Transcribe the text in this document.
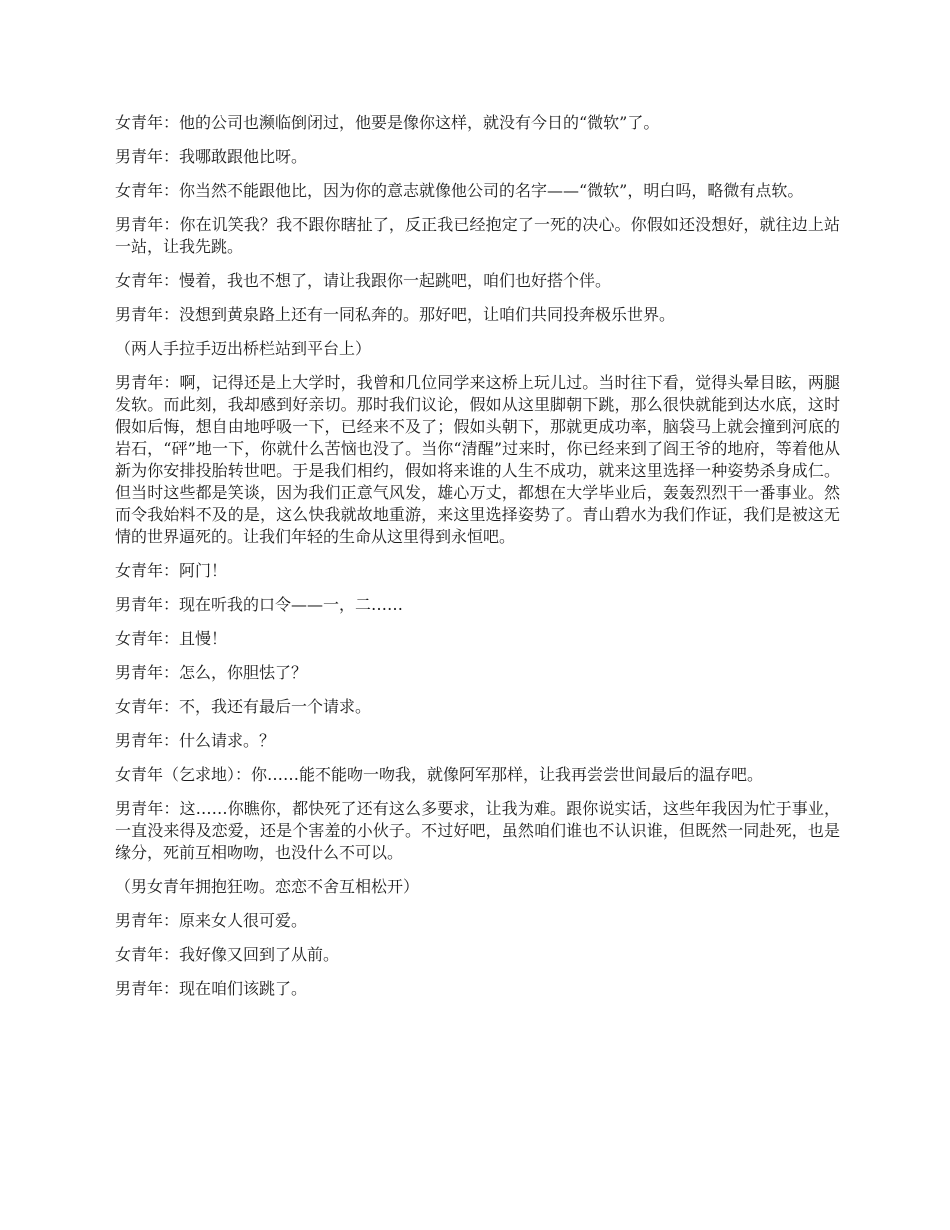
女青年：他的公司也濒临倒闭过，他要是像你这样，就没有今日的“微软”了。

男青年：我哪敢跟他比呀。

女青年：你当然不能跟他比，因为你的意志就像他公司的名字——“微软”，明白吗，略微有点软。

男青年：你在讥笑我？我不跟你瞎扯了，反正我已经抱定了一死的决心。你假如还没想好，就往边上站一站，让我先跳。

女青年：慢着，我也不想了，请让我跟你一起跳吧，咱们也好搭个伴。

男青年：没想到黄泉路上还有一同私奔的。那好吧，让咱们共同投奔极乐世界。

（两人手拉手迈出桥栏站到平台上）

男青年：啊，记得还是上大学时，我曾和几位同学来这桥上玩儿过。当时往下看，觉得头晕目眩，两腿发软。而此刻，我却感到好亲切。那时我们议论，假如从这里脚朝下跳，那么很快就能到达水底，这时假如后悔，想自由地呼吸一下，已经来不及了；假如头朝下，那就更成功率，脑袋马上就会撞到河底的岩石，“砰”地一下，你就什么苦恼也没了。当你“清醒”过来时，你已经来到了阎王爷的地府，等着他从新为你安排投胎转世吧。于是我们相约，假如将来谁的人生不成功，就来这里选择一种姿势杀身成仁。但当时这些都是笑谈，因为我们正意气风发，雄心万丈，都想在大学毕业后，轰轰烈烈干一番事业。然而令我始料不及的是，这么快我就故地重游，来这里选择姿势了。青山碧水为我们作证，我们是被这无情的世界逼死的。让我们年轻的生命从这里得到永恒吧。

女青年：阿门！

男青年：现在听我的口令——一，二……

女青年：且慢！

男青年：怎么，你胆怯了？

女青年：不，我还有最后一个请求。

男青年：什么请求。？

女青年（乞求地）：你……能不能吻一吻我，就像阿军那样，让我再尝尝世间最后的温存吧。

男青年：这……你瞧你，都快死了还有这么多要求，让我为难。跟你说实话，这些年我因为忙于事业，一直没来得及恋爱，还是个害羞的小伙子。不过好吧，虽然咱们谁也不认识谁，但既然一同赴死，也是缘分，死前互相吻吻，也没什么不可以。

（男女青年拥抱狂吻。恋恋不舍互相松开）

男青年：原来女人很可爱。

女青年：我好像又回到了从前。

男青年：现在咱们该跳了。
